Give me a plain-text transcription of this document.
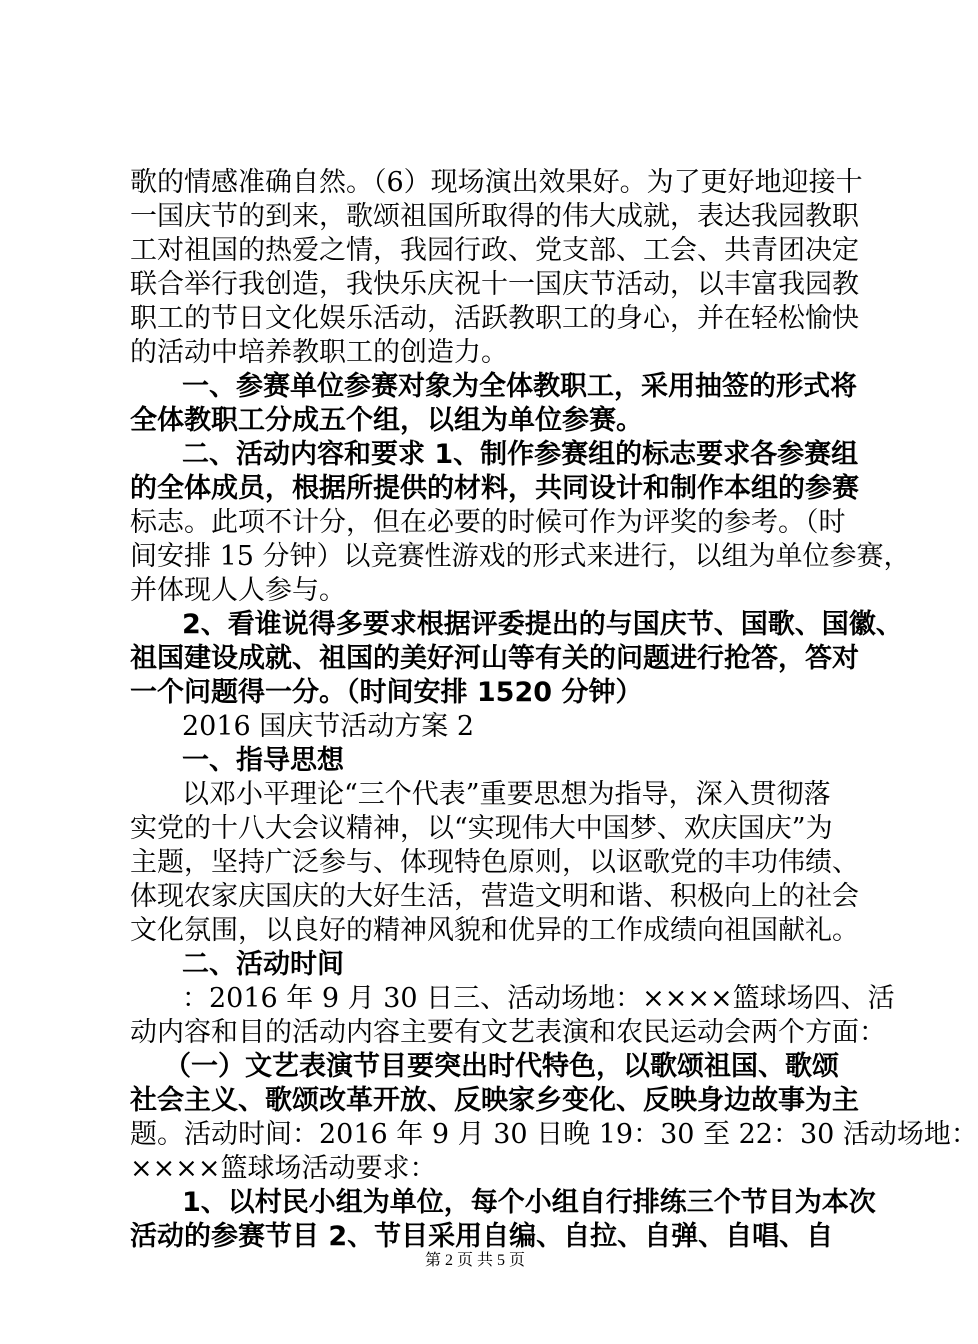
歌的情感准确自然。（6）现场演出效果好。为了更好地迎接十
一国庆节的到来，歌颂祖国所取得的伟大成就，表达我园教职
工对祖国的热爱之情，我园行政、党支部、工会、共青团决定
联合举行我创造，我快乐庆祝十一国庆节活动，以丰富我园教
职工的节日文化娱乐活动，活跃教职工的身心，并在轻松愉快
的活动中培养教职工的创造力。
一、参赛单位参赛对象为全体教职工，采用抽签的形式将
全体教职工分成五个组，以组为单位参赛。
二、活动内容和要求 1、制作参赛组的标志要求各参赛组
的全体成员，根据所提供的材料，共同设计和制作本组的参赛
标志。此项不计分，但在必要的时候可作为评奖的参考。（时
间安排 15 分钟）以竞赛性游戏的形式来进行，以组为单位参赛，
并体现人人参与。
2、看谁说得多要求根据评委提出的与国庆节、国歌、国徽、
祖国建设成就、祖国的美好河山等有关的问题进行抢答，答对
一个问题得一分。（时间安排 1520 分钟）
2016 国庆节活动方案 2
一、指导思想
以邓小平理论“三个代表”重要思想为指导，深入贯彻落
实党的十八大会议精神，以“实现伟大中国梦、欢庆国庆”为
主题，坚持广泛参与、体现特色原则，以讴歌党的丰功伟绩、
体现农家庆国庆的大好生活，营造文明和谐、积极向上的社会
文化氛围，以良好的精神风貌和优异的工作成绩向祖国献礼。
二、活动时间
：2016 年 9 月 30 日三、活动场地：××××篮球场四、活
动内容和目的活动内容主要有文艺表演和农民运动会两个方面：
（一）文艺表演节目要突出时代特色，以歌颂祖国、歌颂
社会主义、歌颂改革开放、反映家乡变化、反映身边故事为主
题。活动时间：2016 年 9 月 30 日晚 19：30 至 22：30 活动场地：
××××篮球场活动要求：
1、以村民小组为单位，每个小组自行排练三个节目为本次
活动的参赛节目 2、节目采用自编、自拉、自弹、自唱、自
第 2 页 共 5 页
